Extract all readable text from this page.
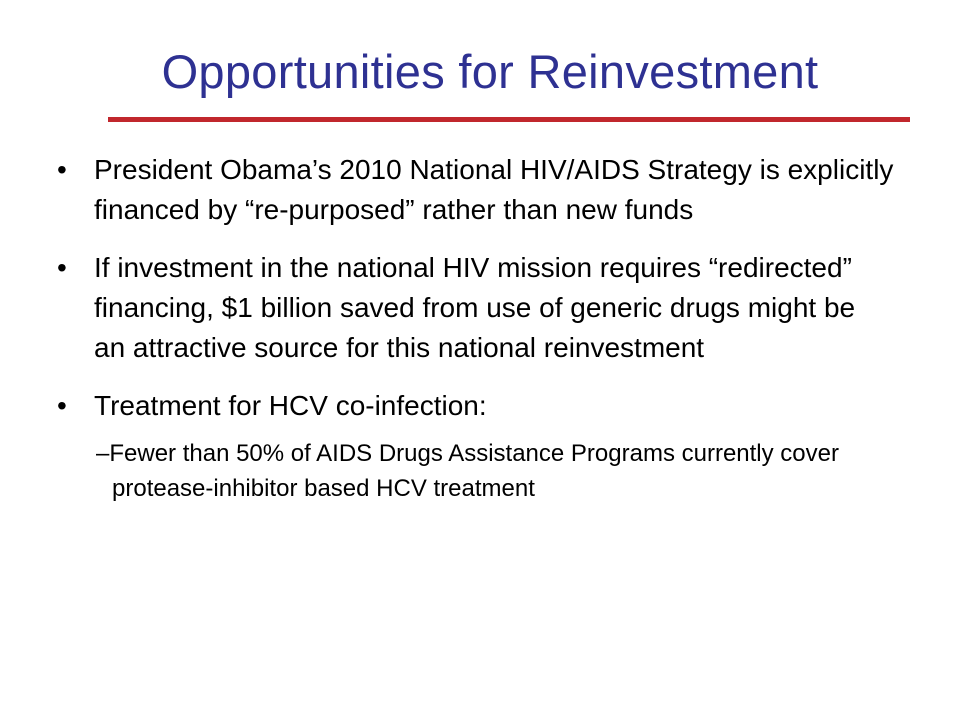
Opportunities for Reinvestment
• President Obama’s 2010 National HIV/AIDS Strategy is explicitly financed by “re-purposed” rather than new funds
• If investment in the national HIV mission requires “redirected” financing, $1 billion saved from use of generic drugs might be an attractive source for this national reinvestment
• Treatment for HCV co-infection:
–Fewer than 50% of AIDS Drugs Assistance Programs currently cover protease-inhibitor based HCV treatment
